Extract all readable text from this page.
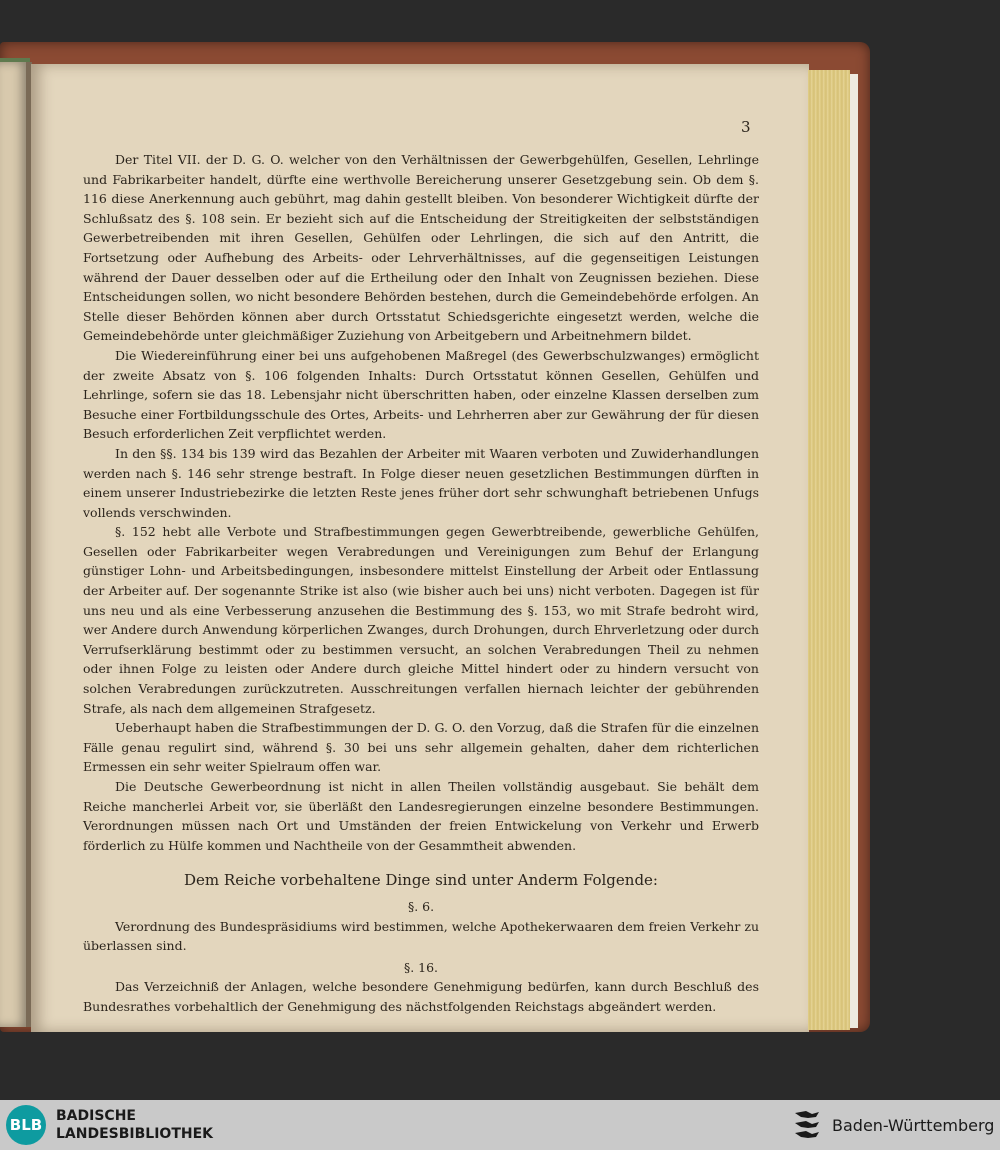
3

Der Titel VII. der D. G. O. welcher von den Verhältnissen der Gewerbgehülfen, Gesellen, Lehrlinge und Fabrikarbeiter handelt, dürfte eine werthvolle Bereicherung unserer Gesetzgebung sein. Ob dem §. 116 diese Anerkennung auch gebührt, mag dahin gestellt bleiben. Von besonderer Wichtigkeit dürfte der Schlußsatz des §. 108 sein. Er bezieht sich auf die Entscheidung der Streitigkeiten der selbstständigen Gewerbetreibenden mit ihren Gesellen, Gehülfen oder Lehrlingen, die sich auf den Antritt, die Fortsetzung oder Aufhebung des Arbeits- oder Lehrverhältnisses, auf die gegenseitigen Leistungen während der Dauer desselben oder auf die Ertheilung oder den Inhalt von Zeugnissen beziehen. Diese Entscheidungen sollen, wo nicht besondere Behörden bestehen, durch die Gemeindebehörde erfolgen. An Stelle dieser Behörden können aber durch Ortsstatut Schiedsgerichte eingesetzt werden, welche die Gemeindebehörde unter gleichmäßiger Zuziehung von Arbeitgebern und Arbeitnehmern bildet.

Die Wiedereinführung einer bei uns aufgehobenen Maßregel (des Gewerbschulzwanges) ermöglicht der zweite Absatz von §. 106 folgenden Inhalts: Durch Ortsstatut können Gesellen, Gehülfen und Lehrlinge, sofern sie das 18. Lebensjahr nicht überschritten haben, oder einzelne Klassen derselben zum Besuche einer Fortbildungsschule des Ortes, Arbeits- und Lehrherren aber zur Gewährung der für diesen Besuch erforderlichen Zeit verpflichtet werden.

In den §§. 134 bis 139 wird das Bezahlen der Arbeiter mit Waaren verboten und Zuwiderhandlungen werden nach §. 146 sehr strenge bestraft. In Folge dieser neuen gesetzlichen Bestimmungen dürften in einem unserer Industriebezirke die letzten Reste jenes früher dort sehr schwunghaft betriebenen Unfugs vollends verschwinden.

§. 152 hebt alle Verbote und Strafbestimmungen gegen Gewerbtreibende, gewerbliche Gehülfen, Gesellen oder Fabrikarbeiter wegen Verabredungen und Vereinigungen zum Behuf der Erlangung günstiger Lohn- und Arbeitsbedingungen, insbesondere mittelst Einstellung der Arbeit oder Entlassung der Arbeiter auf. Der sogenannte Strike ist also (wie bisher auch bei uns) nicht verboten. Dagegen ist für uns neu und als eine Verbesserung anzusehen die Bestimmung des §. 153, wo mit Strafe bedroht wird, wer Andere durch Anwendung körperlichen Zwanges, durch Drohungen, durch Ehrverletzung oder durch Verrufserklärung bestimmt oder zu bestimmen versucht, an solchen Verabredungen Theil zu nehmen oder ihnen Folge zu leisten oder Andere durch gleiche Mittel hindert oder zu hindern versucht von solchen Verabredungen zurückzutreten. Ausschreitungen verfallen hiernach leichter der gebührenden Strafe, als nach dem allgemeinen Strafgesetz.

Ueberhaupt haben die Strafbestimmungen der D. G. O. den Vorzug, daß die Strafen für die einzelnen Fälle genau regulirt sind, während §. 30 bei uns sehr allgemein gehalten, daher dem richterlichen Ermessen ein sehr weiter Spielraum offen war.

Die Deutsche Gewerbeordnung ist nicht in allen Theilen vollständig ausgebaut. Sie behält dem Reiche mancherlei Arbeit vor, sie überläßt den Landesregierungen einzelne besondere Bestimmungen. Verordnungen müssen nach Ort und Umständen der freien Entwickelung von Verkehr und Erwerb förderlich zu Hülfe kommen und Nachtheile von der Gesammtheit abwenden.

Dem Reiche vorbehaltene Dinge sind unter Anderm Folgende:

§. 6.

Verordnung des Bundespräsidiums wird bestimmen, welche Apothekerwaaren dem freien Verkehr zu überlassen sind.

§. 16.

Das Verzeichniß der Anlagen, welche besondere Genehmigung bedürfen, kann durch Beschluß des Bundesrathes vorbehaltlich der Genehmigung des nächstfolgenden Reichstags abgeändert werden.

BLB BADISCHE
LANDESBIBLIOTHEK	Baden-Württemberg
